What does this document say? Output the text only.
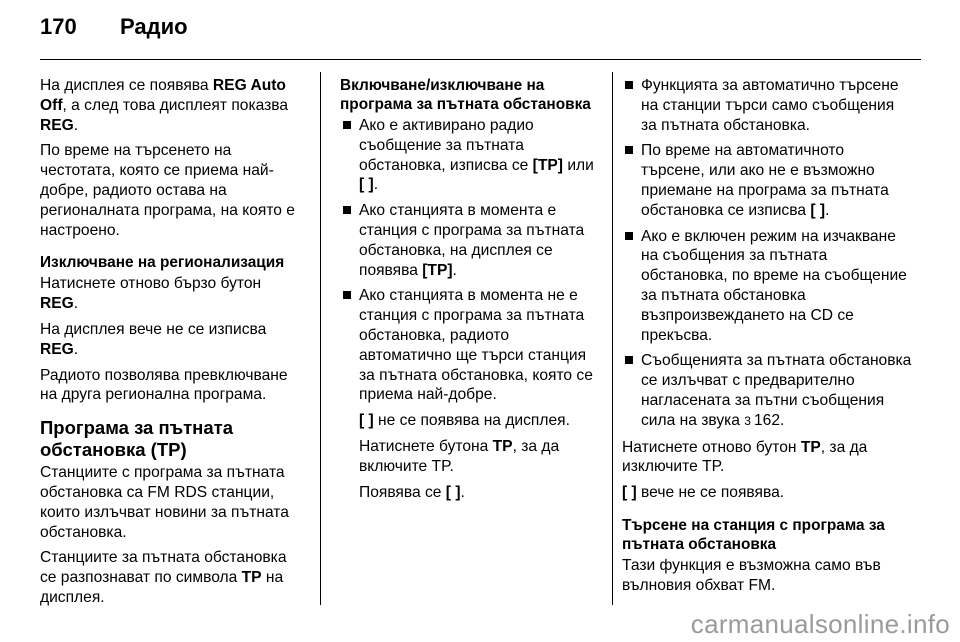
170 Радио

На дисплея се появява REG Auto Off, а след това дисплеят показва REG.

По време на търсенето на честотата, която се приема най-добре, радиото остава на регионалната програма, на която е настроено.

Изключване на регионализация

Натиснете отново бързо бутон REG.

На дисплея вече не се изписва REG.

Радиото позволява превключване на друга регионална програма.

Програма за пътната обстановка (TP)

Станциите с програма за пътната обстановка са FM RDS станции, които излъчват новини за пътната обстановка.

Станциите за пътната обстановка се разпознават по символа TP на дисплея.

Включване/изключване на програма за пътната обстановка
Ако е активирано радио съобщение за пътната обстановка, изписва се [TP] или [ ].
Ако станцията в момента е станция с програма за пътната обстановка, на дисплея се появява [TP].
Ако станцията в момента не е станция с програма за пътната обстановка, радиото автоматично ще търси станция за пътната обстановка, която се приема най-добре.

[ ] не се появява на дисплея.

Натиснете бутона TP, за да включите TP.

Появява се [ ].

Функцията за автоматично търсене на станции търси само съобщения за пътната обстановка.
По време на автоматичното търсене, или ако не е възможно приемане на програма за пътната обстановка се изписва [ ].
Ако е включен режим на изчакване на съобщения за пътната обстановка, по време на съобщение за пътната обстановка възпроизвеждането на CD се прекъсва.
Съобщенията за пътната обстановка се излъчват с предварително нагласената за пътни съобщения сила на звука 3 162.

Натиснете отново бутон TP, за да изключите TP.

[ ] вече не се появява.

Търсене на станция с програма за пътната обстановка

Тази функция е възможна само във вълновия обхват FM.

carmanualsonline.info
